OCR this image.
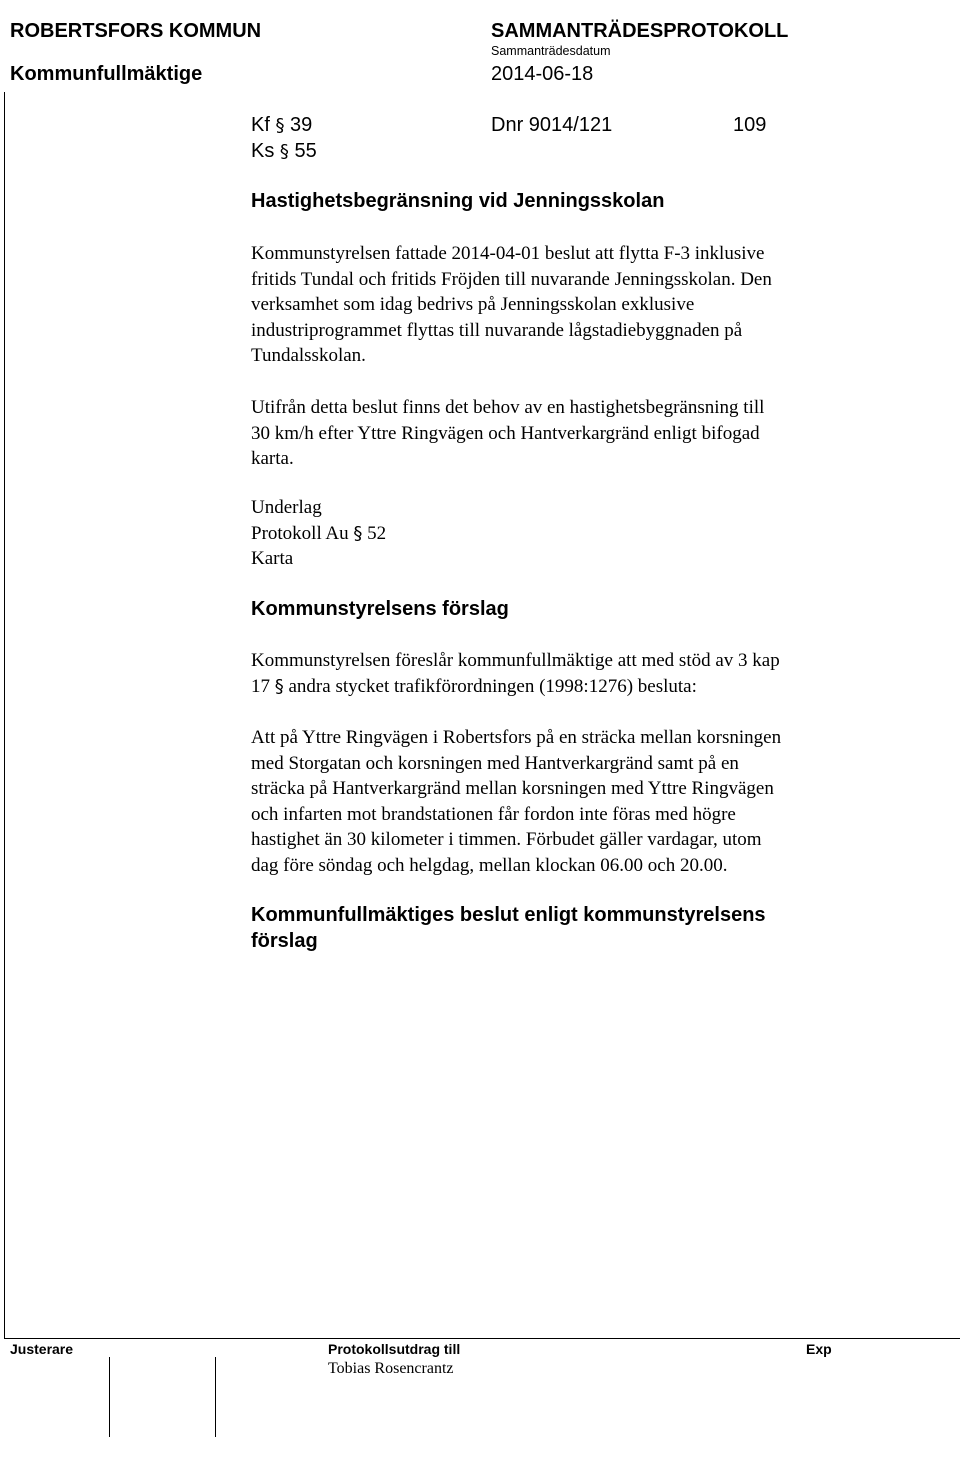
ROBERTSFORS KOMMUN
Kommunfullmäktige
SAMMANTRÄDESPROTOKOLL
Sammanträdesdatum
2014-06-18
Kf § 39	Dnr 9014/121	109
Ks § 55
Hastighetsbegränsning vid Jenningsskolan

Kommunstyrelsen fattade 2014-04-01 beslut att flytta F-3 inklusive
fritids Tundal och fritids Fröjden till nuvarande Jenningsskolan. Den
verksamhet som idag bedrivs på Jenningsskolan exklusive
industriprogrammet flyttas till nuvarande lågstadiebyggnaden på
Tundalsskolan.

Utifrån detta beslut finns det behov av en hastighetsbegränsning till
30 km/h efter Yttre Ringvägen och Hantverkargränd enligt bifogad
karta.

Underlag
Protokoll Au § 52
Karta
Kommunstyrelsens förslag
Kommunstyrelsen föreslår kommunfullmäktige att med stöd av 3 kap
17 § andra stycket trafikförordningen (1998:1276) besluta:

Att på Yttre Ringvägen i Robertsfors på en sträcka mellan korsningen
med Storgatan och korsningen med Hantverkargränd samt på en
sträcka på Hantverkargränd mellan korsningen med Yttre Ringvägen
och infarten mot brandstationen får fordon inte föras med högre
hastighet än 30 kilometer i timmen. Förbudet gäller vardagar, utom
dag före söndag och helgdag, mellan klockan 06.00 och 20.00.

Kommunfullmäktiges beslut enligt kommunstyrelsens
förslag
Justerare	Protokollsutdrag till	Exp
Tobias Rosencrantz
